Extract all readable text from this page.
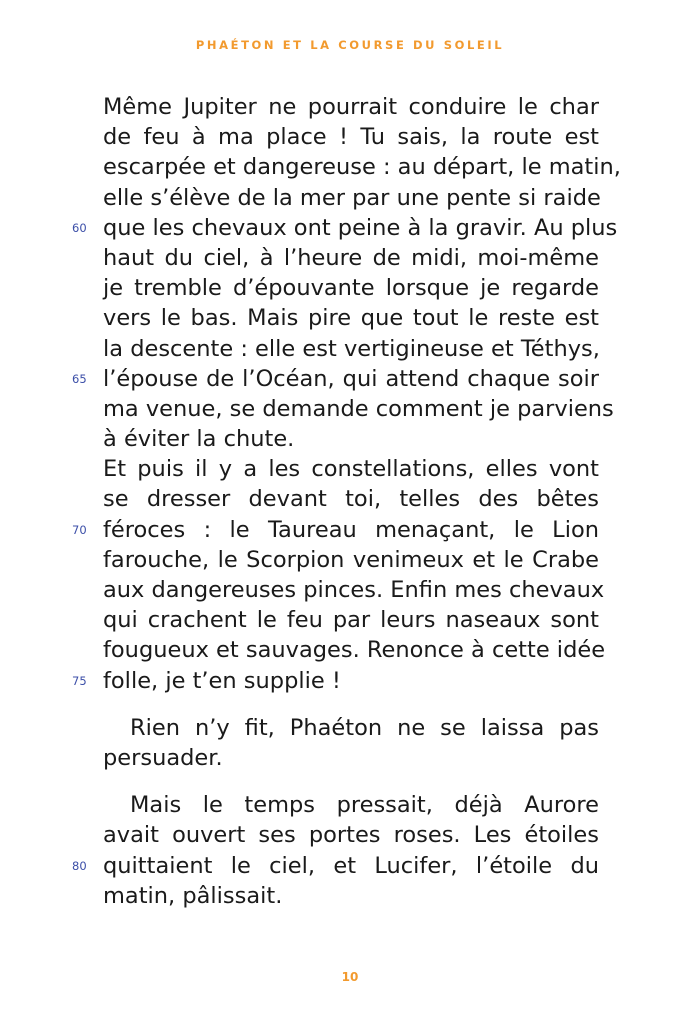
PHAÉTON ET LA COURSE DU SOLEIL
Même Jupiter ne pourrait conduire le char
de feu à ma place ! Tu sais, la route est
escarpée et dangereuse : au départ, le matin,
elle s’élève de la mer par une pente si raide
60 que les chevaux ont peine à la gravir. Au plus
haut du ciel, à l’heure de midi, moi-même
je tremble d’épouvante lorsque je regarde
vers le bas. Mais pire que tout le reste est
la descente : elle est vertigineuse et Téthys,
65 l’épouse de l’Océan, qui attend chaque soir
ma venue, se demande comment je parviens
à éviter la chute.
Et puis il y a les constellations, elles vont
se dresser devant toi, telles des bêtes
70 féroces : le Taureau menaçant, le Lion
farouche, le Scorpion venimeux et le Crabe
aux dangereuses pinces. Enfin mes chevaux
qui crachent le feu par leurs naseaux sont
fougueux et sauvages. Renonce à cette idée
75 folle, je t’en supplie !
Rien n’y fit, Phaéton ne se laissa pas
persuader.
Mais le temps pressait, déjà Aurore
avait ouvert ses portes roses. Les étoiles
80 quittaient le ciel, et Lucifer, l’étoile du
matin, pâlissait.
10
